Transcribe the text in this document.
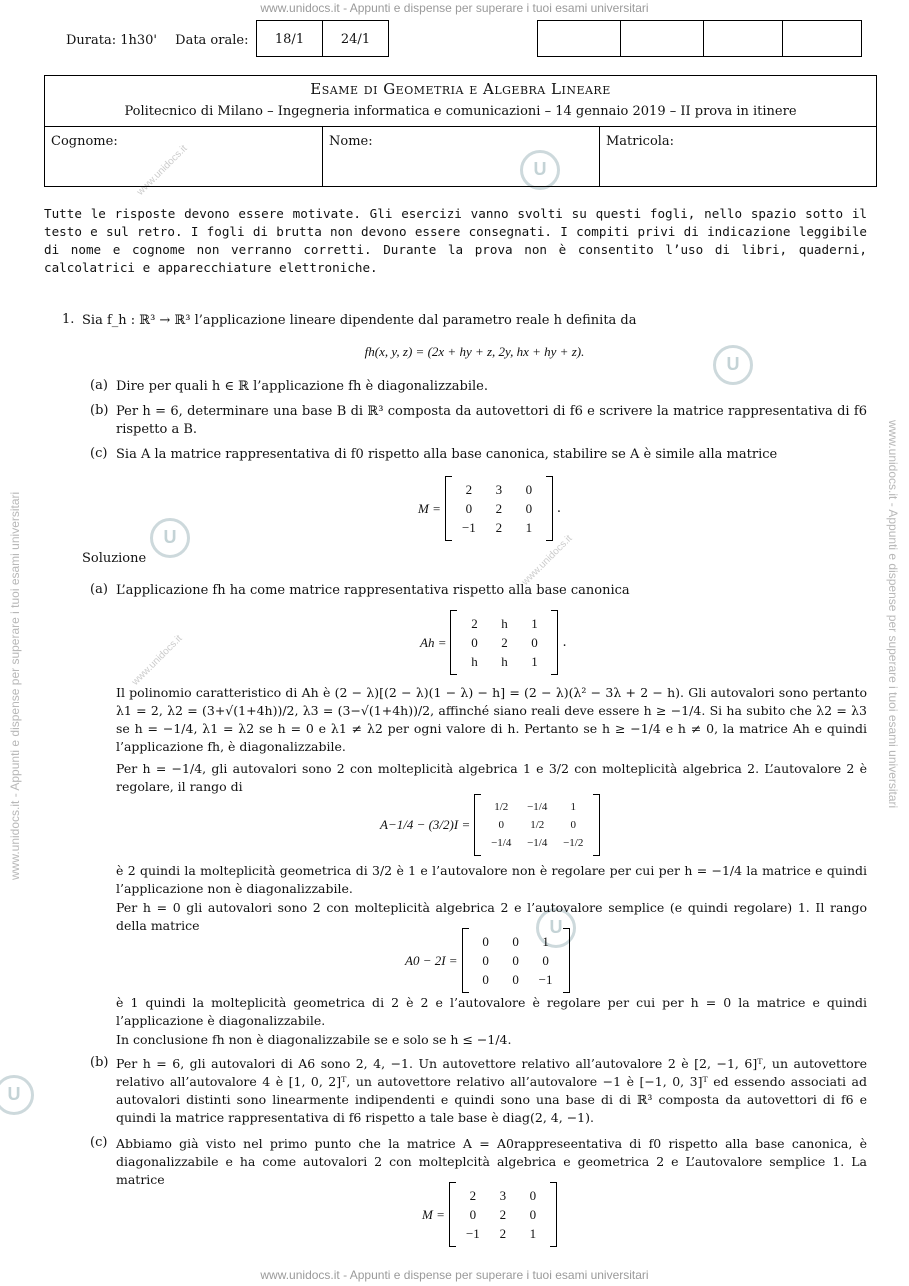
www.unidocs.it - Appunti e dispense per superare i tuoi esami universitari
www.unidocs.it - Appunti e dispense per superare i tuoi esami universitari
www.unidocs.it - Appunti e dispense per superare i tuoi esami universitari	www.unidocs.it - Appunti e dispense per superare i tuoi esami universitari
U
U
U
U
U
www.unidocs.it
www.unidocs.it
www.unidocs.it
Durata: 1h30' Data orale:	18/1	24/1
Esame di Geometria e Algebra Lineare
Politecnico di Milano – Ingegneria informatica e comunicazioni – 14 gennaio 2019 – II prova in itinere
Cognome:	Nome:	Matricola:
Tutte le risposte devono essere motivate. Gli esercizi vanno svolti su questi fogli, nello spazio sotto il testo e sul retro. I fogli di brutta non devono essere consegnati. I compiti privi di indicazione leggibile di nome e cognome non verranno corretti. Durante la prova non è consentito l’uso di libri, quaderni, calcolatrici e apparecchiature elettroniche.
1. Sia f_h : ℝ³ → ℝ³ l’applicazione lineare dipendente dal parametro reale h definita da
fh(x, y, z) = (2x + hy + z, 2y, hx + hy + z).
(a) Dire per quali h ∈ ℝ l’applicazione fh è diagonalizzabile.
(b) Per h = 6, determinare una base B di ℝ³ composta da autovettori di f6 e scrivere la matrice rappresentativa di f6 rispetto a B.
(c) Sia A la matrice rappresentativa di f0 rispetto alla base canonica, stabilire se A è simile alla matrice
M =
2	3	0
0	2	0
−1	2	1
.
Soluzione
(a) L’applicazione fh ha come matrice rappresentativa rispetto alla base canonica
Ah =
2	h	1
0	2	0
h	h	1
.
Il polinomio caratteristico di Ah è (2 − λ)[(2 − λ)(1 − λ) − h] = (2 − λ)(λ² − 3λ + 2 − h). Gli autovalori sono pertanto λ1 = 2, λ2 = (3+√(1+4h))/2, λ3 = (3−√(1+4h))/2, affinché siano reali deve essere h ≥ −1/4. Si ha subito che λ2 = λ3 se h = −1/4, λ1 = λ2 se h = 0 e λ1 ≠ λ2 per ogni valore di h. Pertanto se h ≥ −1/4 e h ≠ 0, la matrice Ah e quindi l’applicazione fh, è diagonalizzabile.
Per h = −1/4, gli autovalori sono 2 con molteplicità algebrica 1 e 3/2 con molteplicità algebrica 2. L’autovalore 2 è regolare, il rango di
A−1/4 − (3/2)I =
1/2	−1/4	1
0	1/2	0
−1/4	−1/4	−1/2
è 2 quindi la molteplicità geometrica di 3/2 è 1 e l’autovalore non è regolare per cui per h = −1/4 la matrice e quindi l’applicazione non è diagonalizzabile.
Per h = 0 gli autovalori sono 2 con molteplicità algebrica 2 e l’autovalore semplice (e quindi regolare) 1. Il rango della matrice
A0 − 2I =
0	0	1
0	0	0
0	0	−1
è 1 quindi la molteplicità geometrica di 2 è 2 e l’autovalore è regolare per cui per h = 0 la matrice e quindi l’applicazione è diagonalizzabile.
In conclusione fh non è diagonalizzabile se e solo se h ≤ −1/4.
(b) Per h = 6, gli autovalori di A6 sono 2, 4, −1. Un autovettore relativo all’autovalore 2 è [2, −1, 6]ᵀ, un autovettore relativo all’autovalore 4 è [1, 0, 2]ᵀ, un autovettore relativo all’autovalore −1 è [−1, 0, 3]ᵀ ed essendo associati ad autovalori distinti sono linearmente indipendenti e quindi sono una base di di ℝ³ composta da autovettori di f6 e quindi la matrice rappresentativa di f6 rispetto a tale base è diag(2, 4, −1).
(c) Abbiamo già visto nel primo punto che la matrice A = A0rappreseentativa di f0 rispetto alla base canonica, è diagonalizzabile e ha come autovalori 2 con molteplcità algebrica e geometrica 2 e L’autovalore semplice 1. La matrice
M =
2	3	0
0	2	0
−1	2	1
